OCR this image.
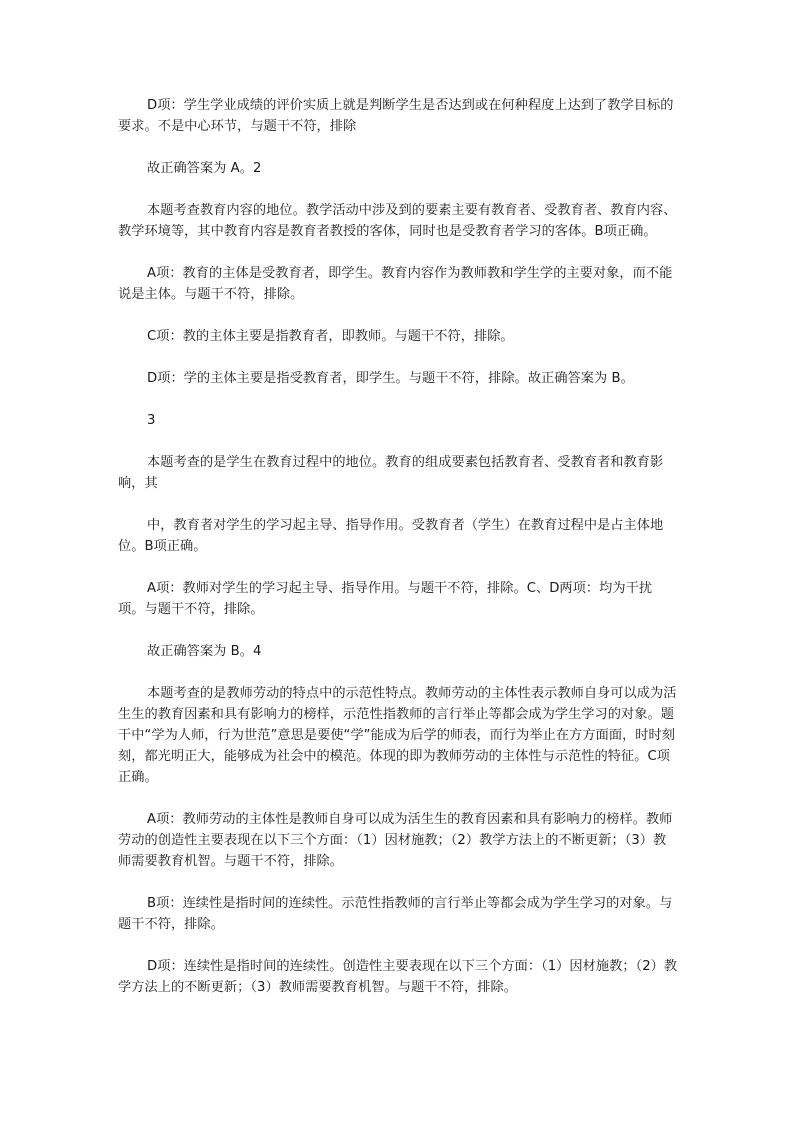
D项：学生学业成绩的评价实质上就是判断学生是否达到或在何种程度上达到了教学目标的要求。不是中心环节，与题干不符，排除

故正确答案为 A。2

本题考查教育内容的地位。教学活动中涉及到的要素主要有教育者、受教育者、教育内容、教学环境等，其中教育内容是教育者教授的客体，同时也是受教育者学习的客体。B项正确。

A项：教育的主体是受教育者，即学生。教育内容作为教师教和学生学的主要对象，而不能说是主体。与题干不符，排除。

C项：教的主体主要是指教育者，即教师。与题干不符，排除。

D项：学的主体主要是指受教育者，即学生。与题干不符，排除。故正确答案为 B。

3

本题考查的是学生在教育过程中的地位。教育的组成要素包括教育者、受教育者和教育影响，其

中，教育者对学生的学习起主导、指导作用。受教育者（学生）在教育过程中是占主体地位。B项正确。

A项：教师对学生的学习起主导、指导作用。与题干不符，排除。C、D两项：均为干扰项。与题干不符，排除。

故正确答案为 B。4

本题考查的是教师劳动的特点中的示范性特点。教师劳动的主体性表示教师自身可以成为活生生的教育因素和具有影响力的榜样，示范性指教师的言行举止等都会成为学生学习的对象。题干中“学为人师，行为世范”意思是要使“学”能成为后学的师表，而行为举止在方方面面，时时刻刻，都光明正大，能够成为社会中的模范。体现的即为教师劳动的主体性与示范性的特征。C项正确。

A项：教师劳动的主体性是教师自身可以成为活生生的教育因素和具有影响力的榜样。教师劳动的创造性主要表现在以下三个方面：（1）因材施教；（2）教学方法上的不断更新；（3）教师需要教育机智。与题干不符，排除。

B项：连续性是指时间的连续性。示范性指教师的言行举止等都会成为学生学习的对象。与题干不符，排除。

D项：连续性是指时间的连续性。创造性主要表现在以下三个方面：（1）因材施教；（2）教学方法上的不断更新；（3）教师需要教育机智。与题干不符，排除。
